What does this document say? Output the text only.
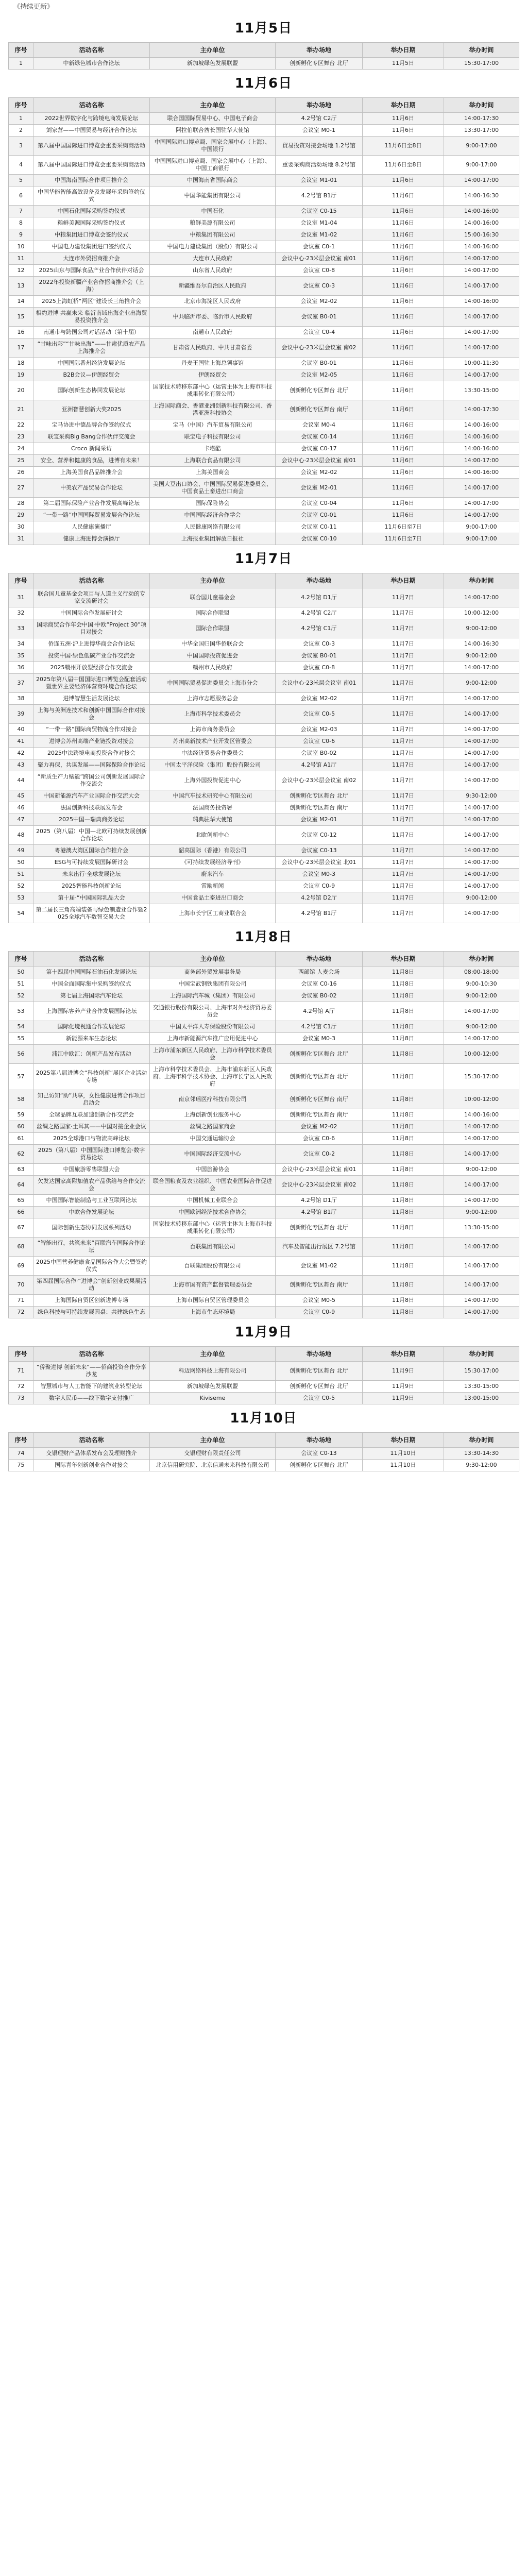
《持续更新》
11月5日
序号	活动名称	主办单位	举办场地	举办日期	举办时间
1	中新绿色城市合作论坛	新加坡绿色发展联盟	创新孵化专区舞台 北厅	11月5日	15:30-17:00
11月6日
序号	活动名称	主办单位	举办场地	举办日期	举办时间
1	2022世界数字化与跨境电商发展论坛	联合国国际贸易中心、中国电子商会	4.2号馆 C2厅	11月6日	14:00-17:30
2	刘家营——中国贸易与经济合作论坛	阿拉伯联合酋长国驻华大使馆	会议室 M0-1	11月6日	13:30-17:00
3	第八届中国国际进口博览会重要采购商活动	中国国际进口博览局、国家会展中心（上海）、中国银行	贸易投资对接会场地 1.2号馆	11月6日至8日	9:00-17:00
4	第八届中国国际进口博览会重要采购商活动	中国国际进口博览局、国家会展中心（上海）、中国工商银行	重要采购商活动场地 8.2号馆	11月6日至8日	9:00-17:00
5	中国海南国际合作项目推介会	中国海南省国际商会	会议室 M1-01	11月6日	14:00-17:00
6	中国华能智能高效设备及发展年采购签约仪式	中国华能集团有限公司	4.2号馆 B1厅	11月6日	14:00-16:30
7	中国石化国际采购签约仪式	中国石化	会议室 C0-15	11月6日	14:00-16:00
8	粮鲜美源国际采购签约仪式	粮鲜美源有限公司	会议室 M1-04	11月6日	14:00-16:00
9	中粮集团进口博览会签约仪式	中粮集团有限公司	会议室 M1-02	11月6日	15:00-16:30
10	中国电力建设集团进口签约仪式	中国电力建设集团（股份）有限公司	会议室 C0-1	11月6日	14:00-16:00
11	大连市外贸招商推介会	大连市人民政府	会议中心·23米层会议室 南01	11月6日	14:00-17:00
12	2025山东与国际食品产业合作伙伴对话会	山东省人民政府	会议室 C0-8	11月6日	14:00-17:00
13	2022年投资新疆产业合作招商推介会（上海）	新疆维吾尔自治区人民政府	会议室 C0-3	11月6日	14:00-17:00
14	2025上海虹桥“两区”建设长三角推介会	北京市海淀区人民政府	会议室 M2-02	11月6日	14:00-16:00
15	相约进博 共赢未来 临沂南域出海企业出海贸易投资推介会	中共临沂市委、临沂市人民政府	会议室 B0-01	11月6日	14:00-17:00
16	南通市与跨国公司对话活动（第十届）	南通市人民政府	会议室 C0-4	11月6日	14:00-17:00
17	“甘味出彩”“甘味出海”——甘肃优质农产品上海推介会	甘肃省人民政府、中共甘肃省委	会议中心·23米层会议室 南02	11月6日	14:00-17:00
18	中国国际番州经济发展论坛	丹麦王国驻上海总领事馆	会议室 B0-01	11月6日	10:00-11:30
19	B2B会议—伊朗经贸会	伊朗经贸会	会议室 M2-05	11月6日	14:00-17:00
20	国际创新生态协同发展论坛	国家技术转移东部中心（运营主体为上海市科技成果转化有限公司）	创新孵化专区舞台 北厅	11月6日	13:30-15:00
21	亚洲智慧创新大奖2025	上海国际商会、香港亚洲创新科技有限公司、香港亚洲科技协会	创新孵化专区舞台 南厅	11月6日	14:00-17:30
22	宝马协进中德品牌合作签约仪式	宝马（中国）汽车贸易有限公司	会议室 M0-4	11月6日	14:00-16:00
23	联宝采购Big Bang合作伙伴交流会	联宝电子科技有限公司	会议室 C0-14	11月6日	14:00-16:00
24	Croco 新闻采访	卡塔酷	会议室 C0-17	11月6日	14:00-16:00
25	安全、营养和健康的食品，进博有未来！	上海联合食品有限公司	会议中心·23米层会议室 南01	11月6日	14:00-17:00
26	上海美国食品品牌推介会	上海美国商会	会议室 M2-02	11月6日	14:00-16:00
27	中美农产品贸易合作论坛	美国大豆出口协会、中国国际贸易促进委员会、中国食品土畜进出口商会	会议室 M2-01	11月6日	14:00-17:00
28	第二届国际保险产业合作发展高峰论坛	国际保险协会	会议室 C0-04	11月6日	14:00-17:00
29	“一带一路”中国国际贸易发展合作论坛	中国国际经济合作学会	会议室 C0-01	11月6日	14:00-17:00
30	人民健康演播厅	人民健康网络有限公司	会议室 C0-11	11月6日至7日	9:00-17:00
31	健康上海进博会演播厅	上海报业集团解放日报社	会议室 C0-10	11月6日至7日	9:00-17:00
11月7日
序号	活动名称	主办单位	举办场地	举办日期	举办时间
31	联合国儿童基金会项目与人道主义行动的专家交流研讨会	联合国儿童基金会	4.2号馆 D1厅	11月7日	14:00-17:00
32	中国国际合作发展研讨会	国际合作联盟	4.2号馆 C2厅	11月7日	10:00-12:00
33	国际商贸合作年会中国·中欧“Project 30”项目对接会	国际合作联盟	4.2号馆 C1厅	11月7日	9:00-12:00
34	侨连五洲·沪上进博华商会合作论坛	中华全国归国华侨联合会	会议室 C0-3	11月7日	14:00-16:30
35	投资中国·绿色低碳产业合作交流会	中国国际投资促进会	会议室 B0-01	11月7日	9:00-12:00
36	2025赣州开放型经济合作交流会	赣州市人民政府	会议室 C0-8	11月7日	14:00-17:00
37	2025年第八届中国国际进口博览会配套活动暨世界主要经济体营商环境合作论坛	中国国际贸易促进委员会上海市分会	会议中心·23米层会议室 南01	11月7日	9:00-12:00
38	进博智慧生活发展论坛	上海市志愿服务总会	会议室 M2-02	11月7日	14:00-17:00
39	上海与美洲连技术和创新中国国际合作对接会	上海市科学技术委员会	会议室 C0-5	11月7日	14:00-17:00
40	“一带一路”国际商贸物流合作对接会	上海市商务委员会	会议室 M2-03	11月7日	14:00-17:00
41	进博会苏州高端产业链投资对接会	苏州高新技术产业开发区管委会	会议室 C0-6	11月7日	14:00-17:00
42	2025中法跨境电商投资合作对接会	中法经济贸易合作委员会	会议室 B0-02	11月7日	14:00-17:00
43	聚力再保，共谋发展——国际保险合作论坛	中国太平洋保险（集团）股份有限公司	4.2号馆 A1厅	11月7日	14:00-17:00
44	“新质生产力赋能”跨国公司创新发展国际合作交流会	上海外国投资促进中心	会议中心·23米层会议室 南02	11月7日	14:00-17:00
45	中国新能源汽车产业国际合作交流大会	中国汽车技术研究中心有限公司	创新孵化专区舞台 北厅	11月7日	9:30-12:00
46	法国创新科技联展发布会	法国商务投资署	创新孵化专区舞台 南厅	11月7日	14:00-17:00
47	2025中国—瑞典商务论坛	瑞典驻华大使馆	会议室 M2-01	11月7日	14:00-17:00
48	2025（第八届）中国—北欧可持续发展创新合作论坛	北欧创新中心	会议室 C0-12	11月7日	14:00-17:00
49	粤港澳大湾区国际合作推介会	韶高国际（香港）有限公司	会议室 C0-13	11月7日	14:00-17:00
50	ESG与可持续发展国际研讨会	《可持续发展经济导刊》	会议中心·23米层会议室 北01	11月7日	14:00-17:00
51	未来出行·全球发展论坛	蔚来汽车	会议室 M0-3	11月7日	14:00-17:00
52	2025智能科技创新论坛	雷励新闻	会议室 C0-9	11月7日	14:00-17:00
53	第十届·“中国国际乳品大会	中国食品土畜进出口商会	4.2号馆 D2厅	11月7日	9:00-12:00
54	第二届长三角高端装备与绿色制造业合作暨2025全球汽车数智交易大会	上海市长宁区工商业联合会	4.2号馆 B1厅	11月7日	14:00-17:00
11月8日
序号	活动名称	主办单位	举办场地	举办日期	举办时间
50	第十四届中国国际石油石化发展论坛	商务部外贸发展事务局	西部馆 人麦会场	11月8日	08:00-18:00
51	中国全面国际集中采购签约仪式	中国宝武钢铁集团有限公司	会议室 C0-16	11月8日	9:00-10:30
52	第七届上海国际汽车论坛	上海国际汽车城（集团）有限公司	会议室 B0-02	11月8日	9:00-12:00
53	上海国际客养产业合作发展国际论坛	交通银行股份有限公司、上海市对外经济贸易委员会	4.2号馆 A厅	11月8日	14:00-17:00
54	国际化境视通合作发展论坛	中国太平洋人寿保险股份有限公司	4.2号馆 C1厅	11月8日	9:00-12:00
55	新能源来车生态论坛	上海市新能源汽车推广应用促进中心	会议室 M0-3	11月8日	14:00-17:00
56	浦江中欧汇：创新产品发布活动	上海市浦东新区人民政府、上海市科学技术委员会	创新孵化专区舞台 北厅	11月8日	10:00-12:00
57	2025第八届进博会“科技创新”展区企业活动专场	上海市科学技术委员会、上海市浦东新区人民政府、上海市科学技术协会、上海市长宁区人民政府	创新孵化专区舞台 北厅	11月8日	15:30-17:00
58	知己访知“助”共享，女性健康进博合作项目启动会	南京邻瑶医疗科技有限公司	创新孵化专区舞台 南厅	11月8日	10:00-12:00
59	全球品牌互联加速创新合作交流会	上海创新创业服务中心	创新孵化专区舞台 南厅	11月8日	14:00-16:00
60	丝绸之路国家·土耳其——中国对接企业会议	丝绸之路国家商会	会议室 M2-02	11月8日	14:00-17:00
61	2025全球港口与物流高峰论坛	中国交通运输协会	会议室 C0-6	11月8日	14:00-17:00
62	2025（第八届）中国国际进口博览会·数字贸易论坛	中国国际经济交流中心	会议室 C0-2	11月8日	14:00-17:00
63	中国旅游零售联盟大会	中国旅游协会	会议中心·23米层会议室 南01	11月8日	9:00-12:00
64	欠发达国家高附加值农产品供给与合作交流会	联合国粮食及农业组织、中国农业国际合作促进会	会议中心·23米层会议室 南02	11月8日	14:00-17:00
65	中国国际智能制造与工业互联网论坛	中国机械工业联合会	4.2号馆 D1厅	11月8日	14:00-17:00
66	中欧合作发展论坛	中国欧洲经济技术合作协会	4.2号馆 B1厅	11月8日	9:00-12:00
67	国际创新生态协同发展系列活动	国家技术转移东部中心（运营主体为上海市科技成果转化有限公司）	创新孵化专区舞台 北厅	11月8日	13:30-15:00
68	“智能出行，共筑未来”百联汽车国际合作论坛	百联集团有限公司	汽车及智能出行展区 7.2号馆	11月8日	14:00-17:00
69	2025中国营养健康食品国际合作大会暨签约仪式	百联集团股份有限公司	会议室 M1-02	11月8日	14:00-17:00
70	第四届国际合作·“进博会”创新创业成果展活动	上海市国有资产监督管理委员会	创新孵化专区舞台 南厅	11月8日	14:00-17:00
71	上海国际自贸区创新进博专场	上海市国际自贸区管理委员会	会议室 M0-5	11月8日	14:00-17:00
72	绿色科技与可持续发展圆桌：共建绿色生态	上海市生态环境局	会议室 C0-9	11月8日	14:00-17:00
11月9日
序号	活动名称	主办单位	举办场地	举办日期	举办时间
71	“侨聚进博 创新未来”——侨商投资合作分享沙龙	科迈网络科技上海有限公司	创新孵化专区舞台 北厅	11月9日	15:30-17:00
72	智慧城市与人工智能下的建筑业转型论坛	新加坡绿色发展联盟	创新孵化专区舞台 北厅	11月9日	13:30-15:00
73	数字人民币——线下数字支付推广	Kiviseme	会议室 C0-5	11月9日	13:00-15:00
11月10日
序号	活动名称	主办单位	举办场地	举办日期	举办时间
74	交银理财产品体系发布会及理财推介	交银理财有限责任公司	会议室 C0-13	11月10日	13:30-14:30
75	国际青年创新创业合作对接会	北京信用研究院、北京信通未来科技有限公司	创新孵化专区舞台 北厅	11月10日	9:30-12:00
